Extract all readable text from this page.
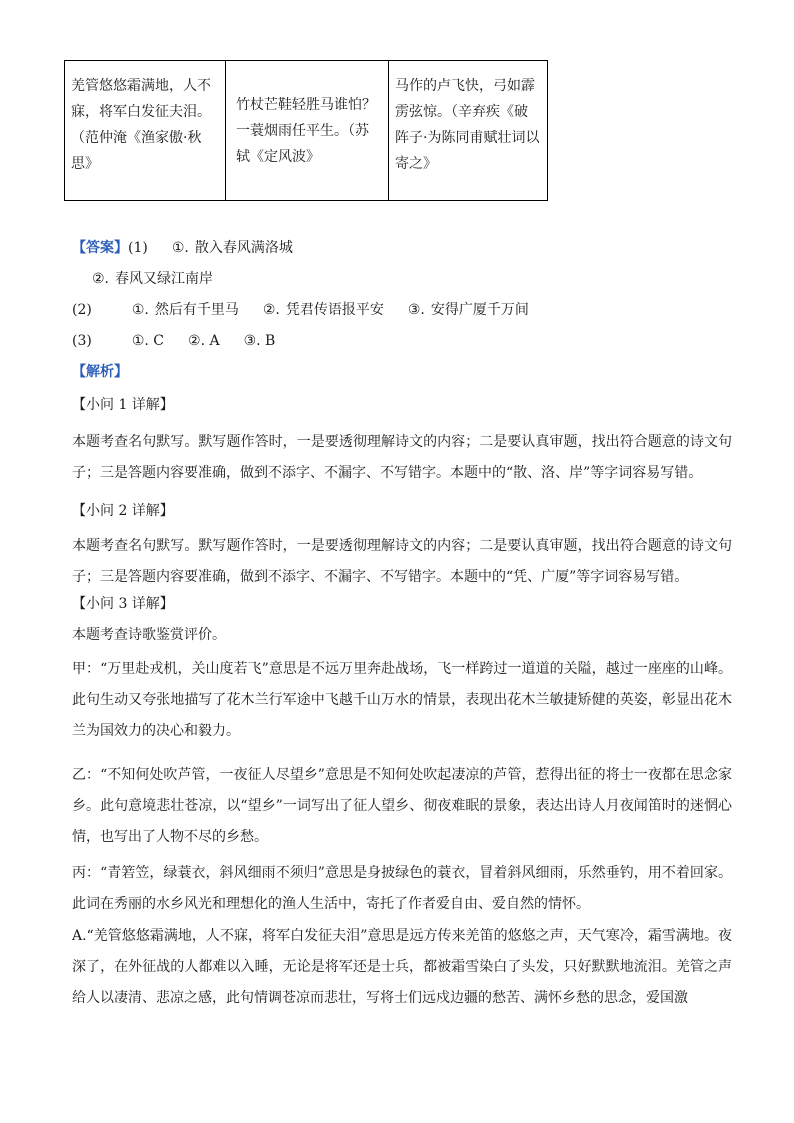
羌管悠悠霜满地，人不寐，将军白发征夫泪。（范仲淹《渔家傲·秋思》	竹杖芒鞋轻胜马谁怕？一蓑烟雨任平生。（苏轼《定风波》	马作的卢飞快，弓如霹雳弦惊。（辛弃疾《破阵子·为陈同甫赋壮词以寄之》
【答案】(1) ①. 散入春风满洛城
②. 春风又绿江南岸
(2)	①. 然后有千里马 ②. 凭君传语报平安 ③. 安得广厦千万间
(3)	①. C ②. A ③. B
【解析】
【小问 1 详解】
本题考查名句默写。默写题作答时，一是要透彻理解诗文的内容；二是要认真审题，找出符合题意的诗文句子；三是答题内容要准确，做到不添字、不漏字、不写错字。本题中的“散、洛、岸”等字词容易写错。
【小问 2 详解】
本题考查名句默写。默写题作答时，一是要透彻理解诗文的内容；二是要认真审题，找出符合题意的诗文句子；三是答题内容要准确，做到不添字、不漏字、不写错字。本题中的“凭、广厦”等字词容易写错。
【小问 3 详解】
本题考查诗歌鉴赏评价。
甲：“万里赴戎机，关山度若飞”意思是不远万里奔赴战场，飞一样跨过一道道的关隘，越过一座座的山峰。此句生动又夸张地描写了花木兰行军途中飞越千山万水的情景，表现出花木兰敏捷矫健的英姿，彰显出花木兰为国效力的决心和毅力。
乙：“不知何处吹芦管，一夜征人尽望乡”意思是不知何处吹起凄凉的芦管，惹得出征的将士一夜都在思念家乡。此句意境悲壮苍凉，以“望乡”一词写出了征人望乡、彻夜难眠的景象，表达出诗人月夜闻笛时的迷惘心情，也写出了人物不尽的乡愁。
丙：“青箬笠，绿蓑衣，斜风细雨不须归”意思是身披绿色的蓑衣，冒着斜风细雨，乐然垂钓，用不着回家。此词在秀丽的水乡风光和理想化的渔人生活中，寄托了作者爱自由、爱自然的情怀。
A.“羌管悠悠霜满地，人不寐，将军白发征夫泪”意思是远方传来羌笛的悠悠之声，天气寒冷，霜雪满地。夜深了，在外征战的人都难以入睡，无论是将军还是士兵，都被霜雪染白了头发，只好默默地流泪。羌管之声给人以凄清、悲凉之感，此句情调苍凉而悲壮，写将士们远戍边疆的愁苦、满怀乡愁的思念，爱国激
